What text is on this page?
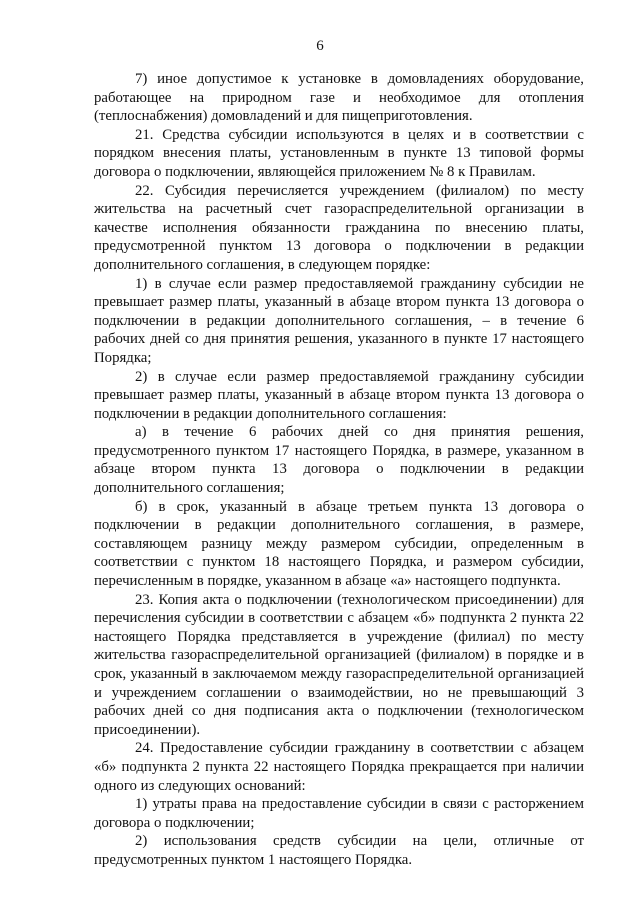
6

7) иное допустимое к установке в домовладениях оборудование, работающее на природном газе и необходимое для отопления (теплоснабжения) домовладений и для пищеприготовления.

21. Средства субсидии используются в целях и в соответствии с порядком внесения платы, установленным в пункте 13 типовой формы договора о подключении, являющейся приложением № 8 к Правилам.

22. Субсидия перечисляется учреждением (филиалом) по месту жительства на расчетный счет газораспределительной организации в качестве исполнения обязанности гражданина по внесению платы, предусмотренной пунктом 13 договора о подключении в редакции дополнительного соглашения, в следующем порядке:

1) в случае если размер предоставляемой гражданину субсидии не превышает размер платы, указанный в абзаце втором пункта 13 договора о подключении в редакции дополнительного соглашения, – в течение 6 рабочих дней со дня принятия решения, указанного в пункте 17 настоящего Порядка;

2) в случае если размер предоставляемой гражданину субсидии превышает размер платы, указанный в абзаце втором пункта 13 договора о подключении в редакции дополнительного соглашения:

а) в течение 6 рабочих дней со дня принятия решения, предусмотренного пунктом 17 настоящего Порядка, в размере, указанном в абзаце втором пункта 13 договора о подключении в редакции дополнительного соглашения;

б) в срок, указанный в абзаце третьем пункта 13 договора о подключении в редакции дополнительного соглашения, в размере, составляющем разницу между размером субсидии, определенным в соответствии с пунктом 18 настоящего Порядка, и размером субсидии, перечисленным в порядке, указанном в абзаце «а» настоящего подпункта.

23. Копия акта о подключении (технологическом присоединении) для перечисления субсидии в соответствии с абзацем «б» подпункта 2 пункта 22 настоящего Порядка представляется в учреждение (филиал) по месту жительства газораспределительной организацией (филиалом) в порядке и в срок, указанный в заключаемом между газораспределительной организацией и учреждением соглашении о взаимодействии, но не превышающий 3 рабочих дней со дня подписания акта о подключении (технологическом присоединении).

24. Предоставление субсидии гражданину в соответствии с абзацем «б» подпункта 2 пункта 22 настоящего Порядка прекращается при наличии одного из следующих оснований:

1) утраты права на предоставление субсидии в связи с расторжением договора о подключении;

2) использования средств субсидии на цели, отличные от предусмотренных пунктом 1 настоящего Порядка.
